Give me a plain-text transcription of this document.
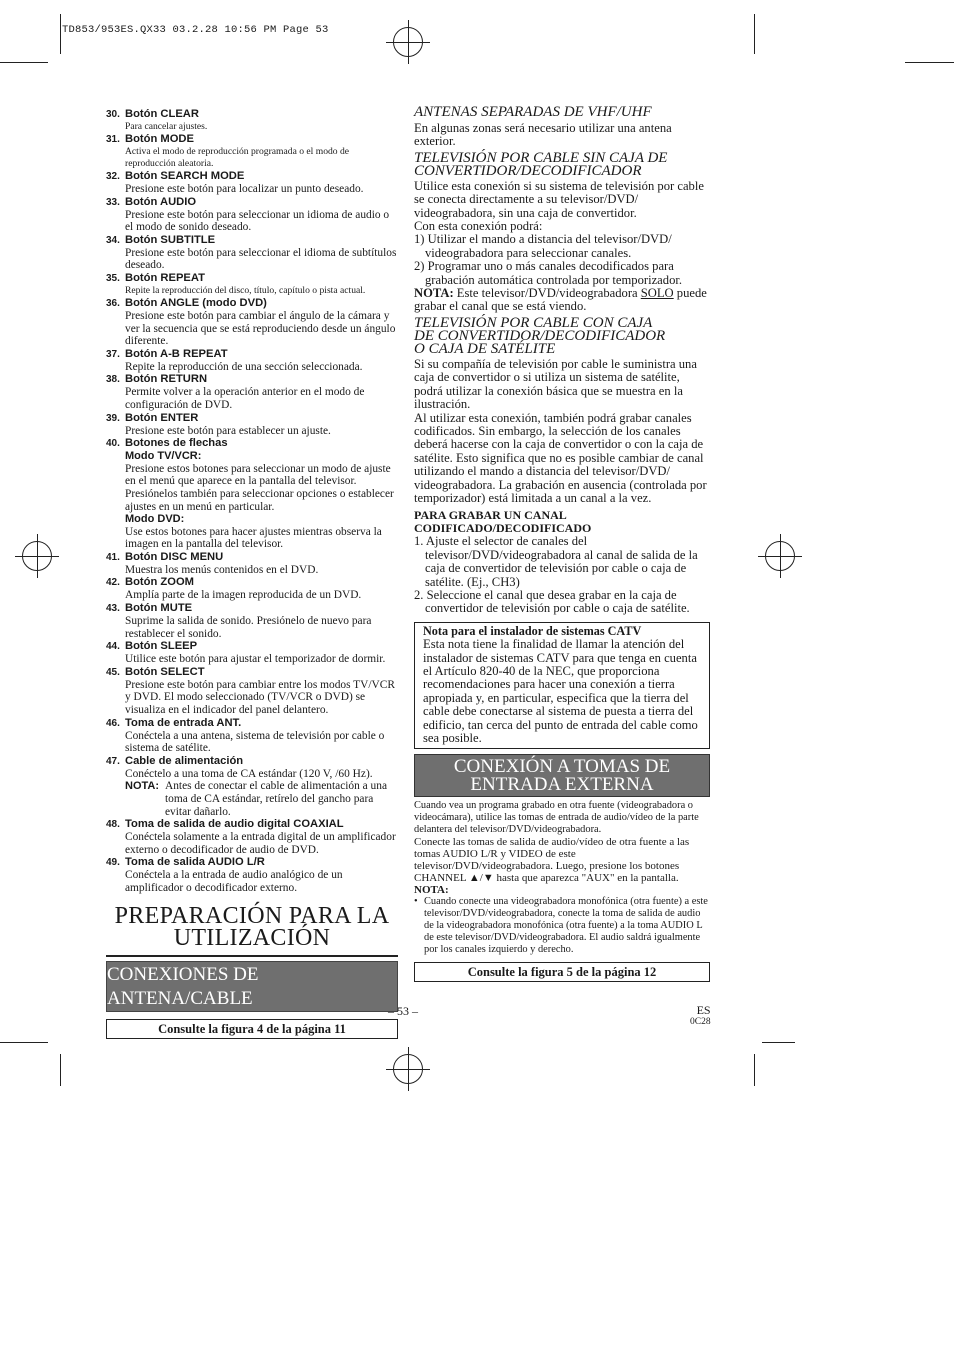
TD853/953ES.QX33 03.2.28 10:56 PM Page 53
30. Botón CLEAR
Para cancelar ajustes.
31. Botón MODE
Activa el modo de reproducción programada o el modo de reproducción aleatoria.
32. Botón SEARCH MODE
Presione este botón para localizar un punto deseado.
33. Botón AUDIO
Presione este botón para seleccionar un idioma de audio o el modo de sonido deseado.
34. Botón SUBTITLE
Presione este botón para seleccionar el idioma de subtítulos deseado.
35. Botón REPEAT
Repite la reproducción del disco, título, capítulo o pista actual.
36. Botón ANGLE (modo DVD)
Presione este botón para cambiar el ángulo de la cámara y ver la secuencia que se está reproduciendo desde un ángulo diferente.
37. Botón A-B REPEAT
Repite la reproducción de una sección seleccionada.
38. Botón RETURN
Permite volver a la operación anterior en el modo de configuración de DVD.
39. Botón ENTER
Presione este botón para establecer un ajuste.
40. Botones de flechas
Modo TV/VCR:
Presione estos botones para seleccionar un modo de ajuste en el menú que aparece en la pantalla del televisor. Presiónelos también para seleccionar opciones o establecer ajustes en un menú en particular.
Modo DVD:
Use estos botones para hacer ajustes mientras observa la imagen en la pantalla del televisor.
41. Botón DISC MENU
Muestra los menús contenidos en el DVD.
42. Botón ZOOM
Amplía parte de la imagen reproducida de un DVD.
43. Botón MUTE
Suprime la salida de sonido. Presiónelo de nuevo para restablecer el sonido.
44. Botón SLEEP
Utilice este botón para ajustar el temporizador de dormir.
45. Botón SELECT
Presione este botón para cambiar entre los modos TV/VCR y DVD. El modo seleccionado (TV/VCR o DVD) se visualiza en el indicador del panel delantero.
46. Toma de entrada ANT.
Conéctela a una antena, sistema de televisión por cable o sistema de satélite.
47. Cable de alimentación
Conéctelo a una toma de CA estándar (120 V, /60 Hz).
NOTA: Antes de conectar el cable de alimentación a una toma de CA estándar, retírelo del gancho para evitar dañarlo.
48. Toma de salida de audio digital COAXIAL
Conéctela solamente a la entrada digital de un amplificador externo o decodificador de audio de DVD.
49. Toma de salida AUDIO L/R
Conéctela a la entrada de audio analógico de un amplificador o decodificador externo.
PREPARACIÓN PARA LA
UTILIZACIÓN
CONEXIONES DE ANTENA/CABLE
Consulte la figura 4 de la página 11

ANTENAS SEPARADAS DE VHF/UHF

En algunas zonas será necesario utilizar una antena exterior.

TELEVISIÓN POR CABLE SIN CAJA DE
CONVERTIDOR/DECODIFICADOR

Utilice esta conexión si su sistema de televisión por cable se conecta directamente a su televisor/DVD/ videograbadora, sin una caja de convertidor.

Con esta conexión podrá:

1) Utilizar el mando a distancia del televisor/DVD/ videograbadora para seleccionar canales.

2) Programar uno o más canales decodificados para grabación automática controlada por temporizador.

NOTA: Este televisor/DVD/videograbadora SOLO puede grabar el canal que se está viendo.

TELEVISIÓN POR CABLE CON CAJA
DE CONVERTIDOR/DECODIFICADOR
O CAJA DE SATÉLITE

Si su compañía de televisión por cable le suministra una caja de convertidor o si utiliza un sistema de satélite, podrá utilizar la conexión básica que se muestra en la ilustración.

Al utilizar esta conexión, también podrá grabar canales codificados. Sin embargo, la selección de los canales deberá hacerse con la caja de convertidor o con la caja de satélite. Esto significa que no es posible cambiar de canal utilizando el mando a distancia del televisor/DVD/ videograbadora. La grabación en ausencia (controlada por temporizador) está limitada a un canal a la vez.

PARA GRABAR UN CANAL
CODIFICADO/DECODIFICADO

1. Ajuste el selector de canales del televisor/DVD/videograbadora al canal de salida de la caja de convertidor de televisión por cable o caja de satélite. (Ej., CH3)

2. Seleccione el canal que desea grabar en la caja de convertidor de televisión por cable o caja de satélite.

Nota para el instalador de sistemas CATV
Esta nota tiene la finalidad de llamar la atención del instalador de sistemas CATV para que tenga en cuenta el Artículo 820-40 de la NEC, que proporciona recomendaciones para hacer una conexión a tierra apropiada y, en particular, especifica que la tierra del cable debe conectarse al sistema de puesta a tierra del edificio, tan cerca del punto de entrada del cable como sea posible.
CONEXIÓN A TOMAS DE
ENTRADA EXTERNA

Cuando vea un programa grabado en otra fuente (videograbadora o videocámara), utilice las tomas de entrada de audio/vídeo de la parte delantera del televisor/DVD/videograbadora.

Conecte las tomas de salida de audio/vídeo de otra fuente a las tomas AUDIO L/R y VIDEO de este televisor/DVD/videograbadora. Luego, presione los botones CHANNEL ▲/▼ hasta que aparezca "AUX" en la pantalla.

NOTA:

• Cuando conecte una videograbadora monofónica (otra fuente) a este televisor/DVD/videograbadora, conecte la toma de salida de audio de la videograbadora monofónica (otra fuente) a la toma AUDIO L de este televisor/DVD/videograbadora. El audio saldrá igualmente por los canales izquierdo y derecho.

Consulte la figura 5 de la página 12
– 53 –	ES
0C28
